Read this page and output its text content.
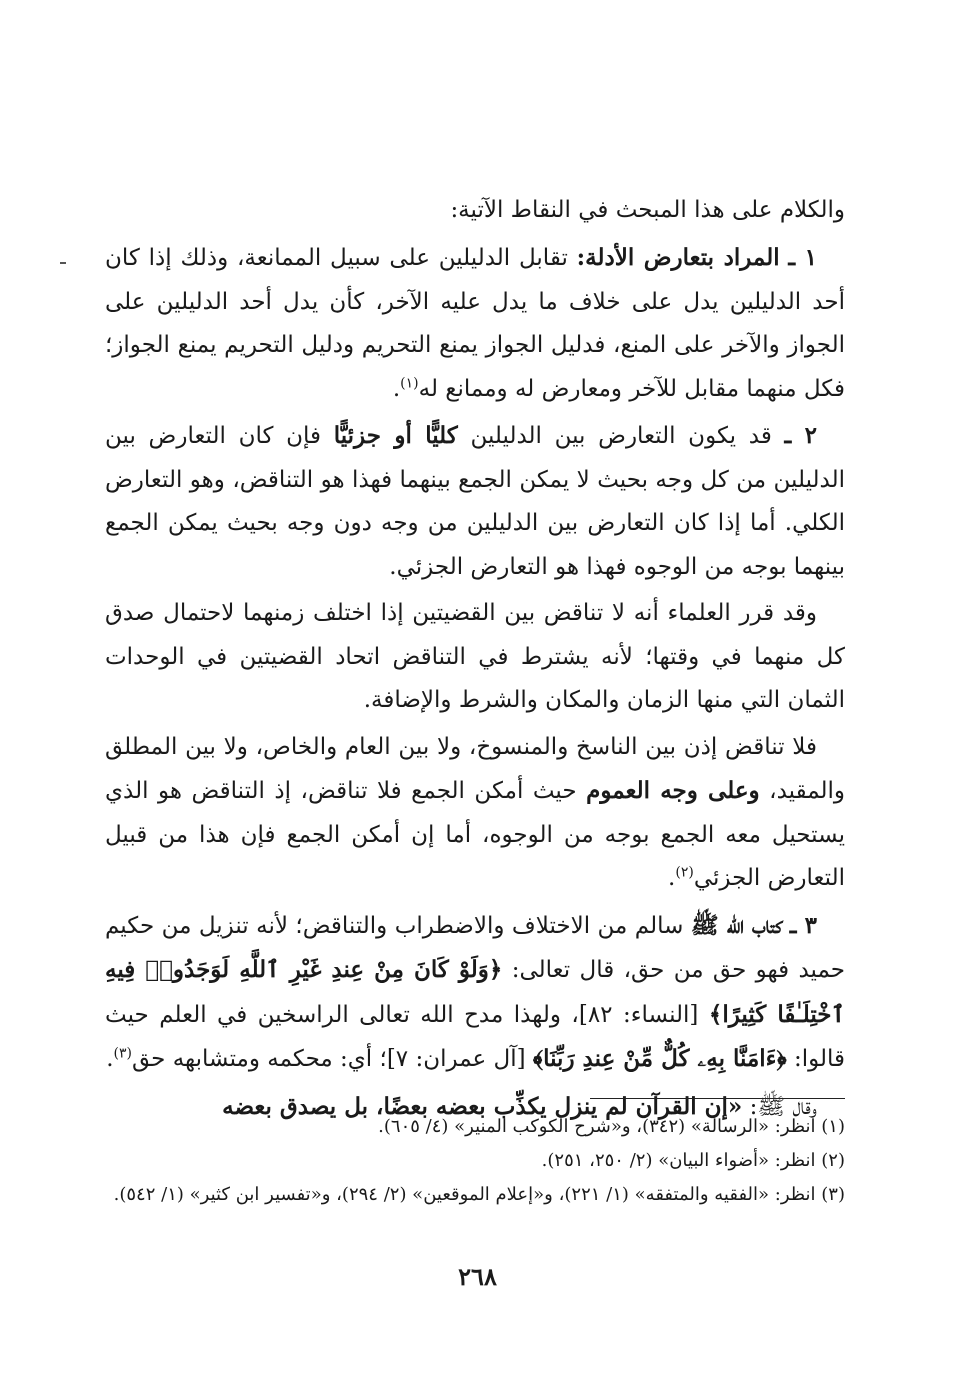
والكلام على هذا المبحث في النقاط الآتية:

١ ـ المراد بتعارض الأدلة: تقابل الدليلين على سبيل الممانعة، وذلك إذا كان أحد الدليلين يدل على خلاف ما يدل عليه الآخر، كأن يدل أحد الدليلين على الجواز والآخر على المنع، فدليل الجواز يمنع التحريم ودليل التحريم يمنع الجواز؛ فكل منهما مقابل للآخر ومعارض له وممانع له$^{(١)}$.

٢ ـ قد يكون التعارض بين الدليلين كليًّا أو جزئيًّا فإن كان التعارض بين الدليلين من كل وجه بحيث لا يمكن الجمع بينهما فهذا هو التناقض، وهو التعارض الكلي. أما إذا كان التعارض بين الدليلين من وجه دون وجه بحيث يمكن الجمع بينهما بوجه من الوجوه فهذا هو التعارض الجزئي.

وقد قرر العلماء أنه لا تناقض بين القضيتين إذا اختلف زمنهما لاحتمال صدق كل منهما في وقتها؛ لأنه يشترط في التناقض اتحاد القضيتين في الوحدات الثمان التي منها الزمان والمكان والشرط والإضافة.

فلا تناقض إذن بين الناسخ والمنسوخ، ولا بين العام والخاص، ولا بين المطلق والمقيد، وعلى وجه العموم حيث أمكن الجمع فلا تناقض، إذ التناقض هو الذي يستحيل معه الجمع بوجه من الوجوه، أما إن أمكن الجمع فإن هذا من قبيل التعارض الجزئي$^{(٢)}$.

٣ ـ كتاب الله ﷺ سالم من الاختلاف والاضطراب والتناقض؛ لأنه تنزيل من حكيم حميد فهو حق من حق، قال تعالى: ﴿وَلَوْ كَانَ مِنْ عِندِ غَيْرِ ٱللَّهِ لَوَجَدُوا۟ فِيهِ ٱخْتِلَـٰفًا كَثِيرًا﴾ [النساء: ٨٢]، ولهذا مدح الله تعالى الراسخين في العلم حيث قالوا: ﴿ءَامَنَّا بِهِۦ كُلٌّ مِّنْ عِندِ رَبِّنَا﴾ [آل عمران: ٧]؛ أي: محكمه ومتشابهه حق$^{(٣)}$.

وقال ﷺ: «إن القرآن لم ينزل يكذِّب بعضه بعضًا، بل يصدق بعضه

(١) انظر: «الرسالة» (٣٤٢)، و«شرح الكوكب المنير» (٤/ ٦٠٥).

(٢) انظر: «أضواء البيان» (٢/ ٢٥٠، ٢٥١).

(٣) انظر: «الفقيه والمتفقه» (١/ ٢٢١)، و«إعلام الموقعين» (٢/ ٢٩٤)، و«تفسير ابن كثير» (١/ ٥٤٢).

٢٦٨
